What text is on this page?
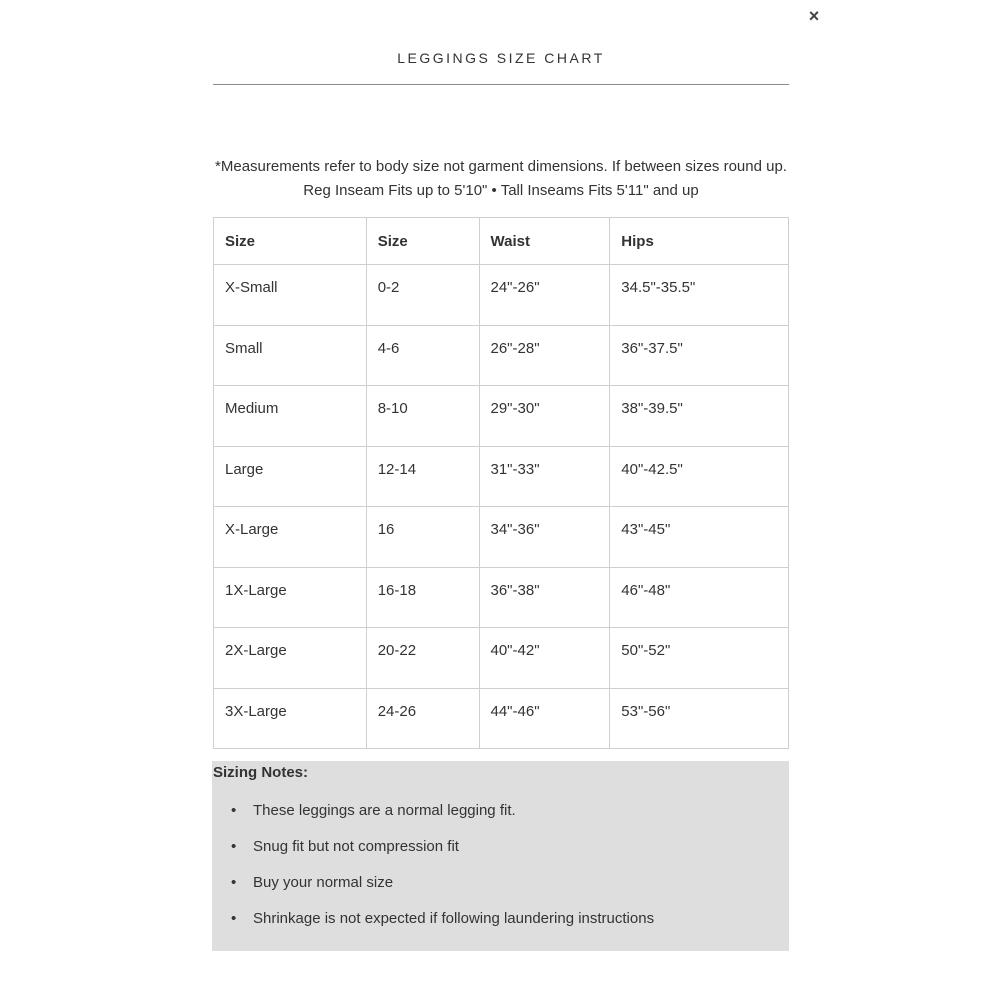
×
LEGGINGS SIZE CHART
*Measurements refer to body size not garment dimensions. If between sizes round up.
Reg Inseam Fits up to 5'10" • Tall Inseams Fits 5'11" and up
Size	Size	Waist	Hips
X-Small	0-2	24"-26"	34.5"-35.5"
Small	4-6	26"-28"	36"-37.5"
Medium	8-10	29"-30"	38"-39.5"
Large	12-14	31"-33"	40"-42.5"
X-Large	16	34"-36"	43"-45"
1X-Large	16-18	36"-38"	46"-48"
2X-Large	20-22	40"-42"	50"-52"
3X-Large	24-26	44"-46"	53"-56"
Sizing Notes:
• These leggings are a normal legging fit.
• Snug fit but not compression fit
• Buy your normal size
• Shrinkage is not expected if following laundering instructions
